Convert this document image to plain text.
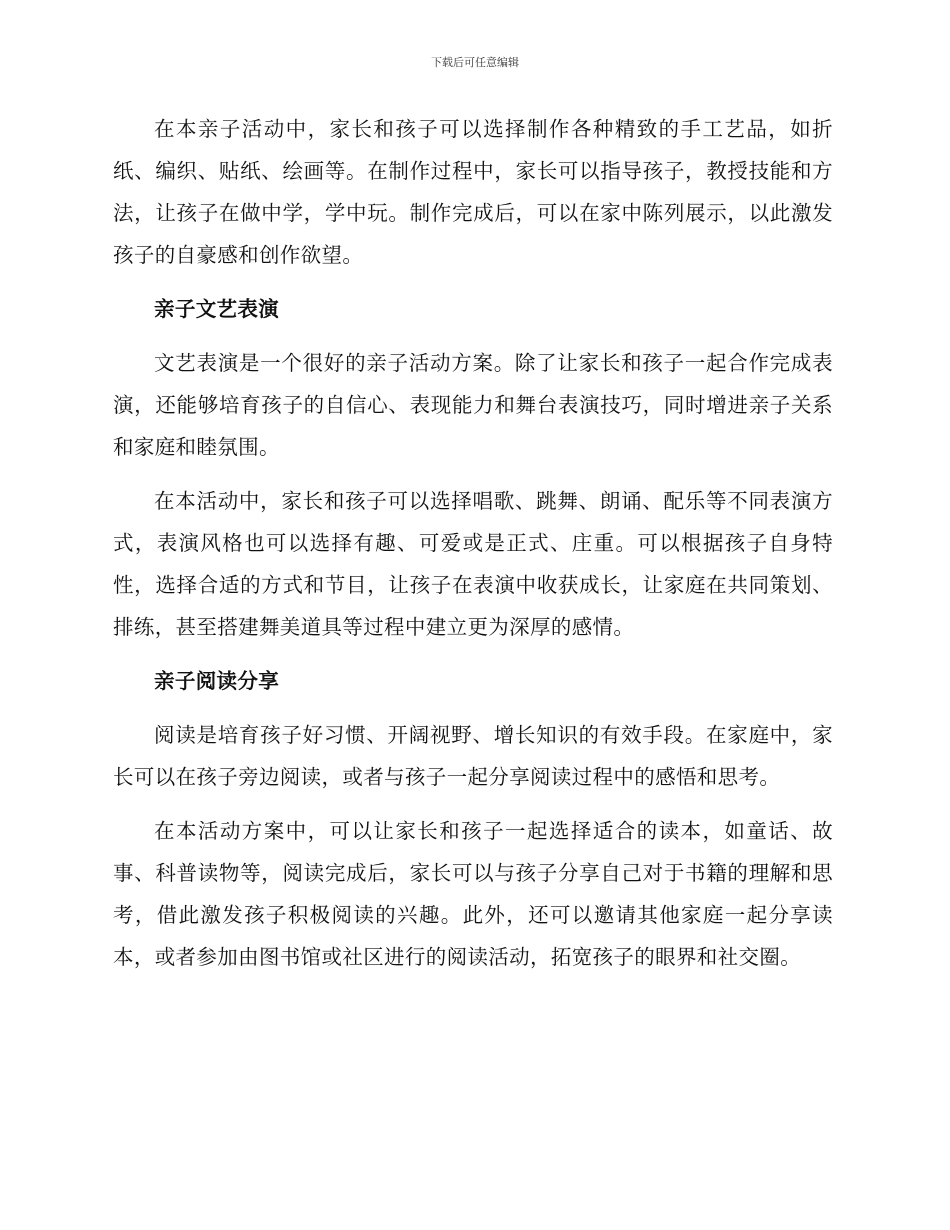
下载后可任意编辑

在本亲子活动中，家长和孩子可以选择制作各种精致的手工艺品，如折纸、编织、贴纸、绘画等。在制作过程中，家长可以指导孩子，教授技能和方法，让孩子在做中学，学中玩。制作完成后，可以在家中陈列展示，以此激发孩子的自豪感和创作欲望。

亲子文艺表演

文艺表演是一个很好的亲子活动方案。除了让家长和孩子一起合作完成表演，还能够培育孩子的自信心、表现能力和舞台表演技巧，同时增进亲子关系和家庭和睦氛围。

在本活动中，家长和孩子可以选择唱歌、跳舞、朗诵、配乐等不同表演方式，表演风格也可以选择有趣、可爱或是正式、庄重。可以根据孩子自身特性，选择合适的方式和节目，让孩子在表演中收获成长，让家庭在共同策划、排练，甚至搭建舞美道具等过程中建立更为深厚的感情。

亲子阅读分享

阅读是培育孩子好习惯、开阔视野、增长知识的有效手段。在家庭中，家长可以在孩子旁边阅读，或者与孩子一起分享阅读过程中的感悟和思考。

在本活动方案中，可以让家长和孩子一起选择适合的读本，如童话、故事、科普读物等，阅读完成后，家长可以与孩子分享自己对于书籍的理解和思考，借此激发孩子积极阅读的兴趣。此外，还可以邀请其他家庭一起分享读本，或者参加由图书馆或社区进行的阅读活动，拓宽孩子的眼界和社交圈。
